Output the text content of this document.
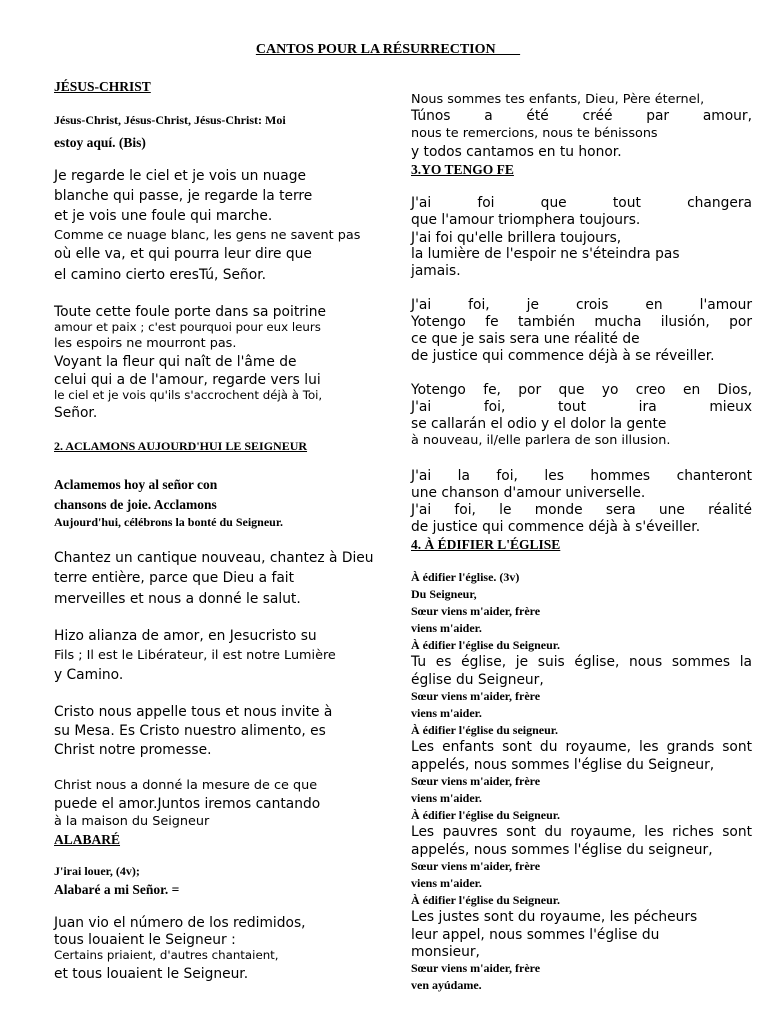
CANTOS POUR LA RÉSURRECTION
JÉSUS-CHRIST
Jésus-Christ, Jésus-Christ, Jésus-Christ: Moi
estoy aquí. (Bis)
Je regarde le ciel et je vois un nuage
blanche qui passe, je regarde la terre
et je vois une foule qui marche.
Comme ce nuage blanc, les gens ne savent pas
où elle va, et qui pourra leur dire que
el camino cierto eresTú, Señor.
Toute cette foule porte dans sa poitrine
amour et paix ; c'est pourquoi pour eux leurs
les espoirs ne mourront pas.
Voyant la fleur qui naît de l'âme de
celui qui a de l'amour, regarde vers lui
le ciel et je vois qu'ils s'accrochent déjà à Toi,
Señor.
2. ACLAMONS AUJOURD'HUI LE SEIGNEUR
Aclamemos hoy al señor con
chansons de joie. Acclamons
Aujourd'hui, célébrons la bonté du Seigneur.
Chantez un cantique nouveau, chantez à Dieu
terre entière, parce que Dieu a fait
merveilles et nous a donné le salut.
Hizo alianza de amor, en Jesucristo su
Fils ; Il est le Libérateur, il est notre Lumière
y Camino.
Cristo nous appelle tous et nous invite à
su Mesa. Es Cristo nuestro alimento, es
Christ notre promesse.
Christ nous a donné la mesure de ce que
puede el amor.Juntos iremos cantando
à la maison du Seigneur
ALABARÉ
J'irai louer, (4v);
Alabaré a mi Señor. =
Juan vio el número de los redimidos,
tous louaient le Seigneur :
Certains priaient, d'autres chantaient,
et tous louaient le Seigneur.
Nous sommes tes enfants, Dieu, Père éternel,
Túnos a été créé par amour,
nous te remercions, nous te bénissons
y todos cantamos en tu honor.
3.YO TENGO FE
J'ai foi que tout changera
que l'amour triomphera toujours.
J'ai foi qu'elle brillera toujours,
la lumière de l'espoir ne s'éteindra pas
jamais.
J'ai foi, je crois en l'amour
Yotengo fe también mucha ilusión, por
ce que je sais sera une réalité de
de justice qui commence déjà à se réveiller.
Yotengo fe, por que yo creo en Dios,
J'ai foi, tout ira mieux
se callarán el odio y el dolor la gente
à nouveau, il/elle parlera de son illusion.
J'ai la foi, les hommes chanteront
une chanson d'amour universelle.
J'ai foi, le monde sera une réalité
de justice qui commence déjà à s'éveiller.
4. À ÉDIFIER L'ÉGLISE
À édifier l'église. (3v)
Du Seigneur,
Sœur viens m'aider, frère
viens m'aider.
À édifier l'église du Seigneur.
Tu es église, je suis église, nous sommes la
église du Seigneur,
Sœur viens m'aider, frère
viens m'aider.
À édifier l'église du seigneur.
Les enfants sont du royaume, les grands sont
appelés, nous sommes l'église du Seigneur,
Sœur viens m'aider, frère
viens m'aider.
À édifier l'église du Seigneur.
Les pauvres sont du royaume, les riches sont
appelés, nous sommes l'église du seigneur,
Sœur viens m'aider, frère
viens m'aider.
À édifier l'église du Seigneur.
Les justes sont du royaume, les pécheurs
leur appel, nous sommes l'église du
monsieur,
Sœur viens m'aider, frère
ven ayúdame.
